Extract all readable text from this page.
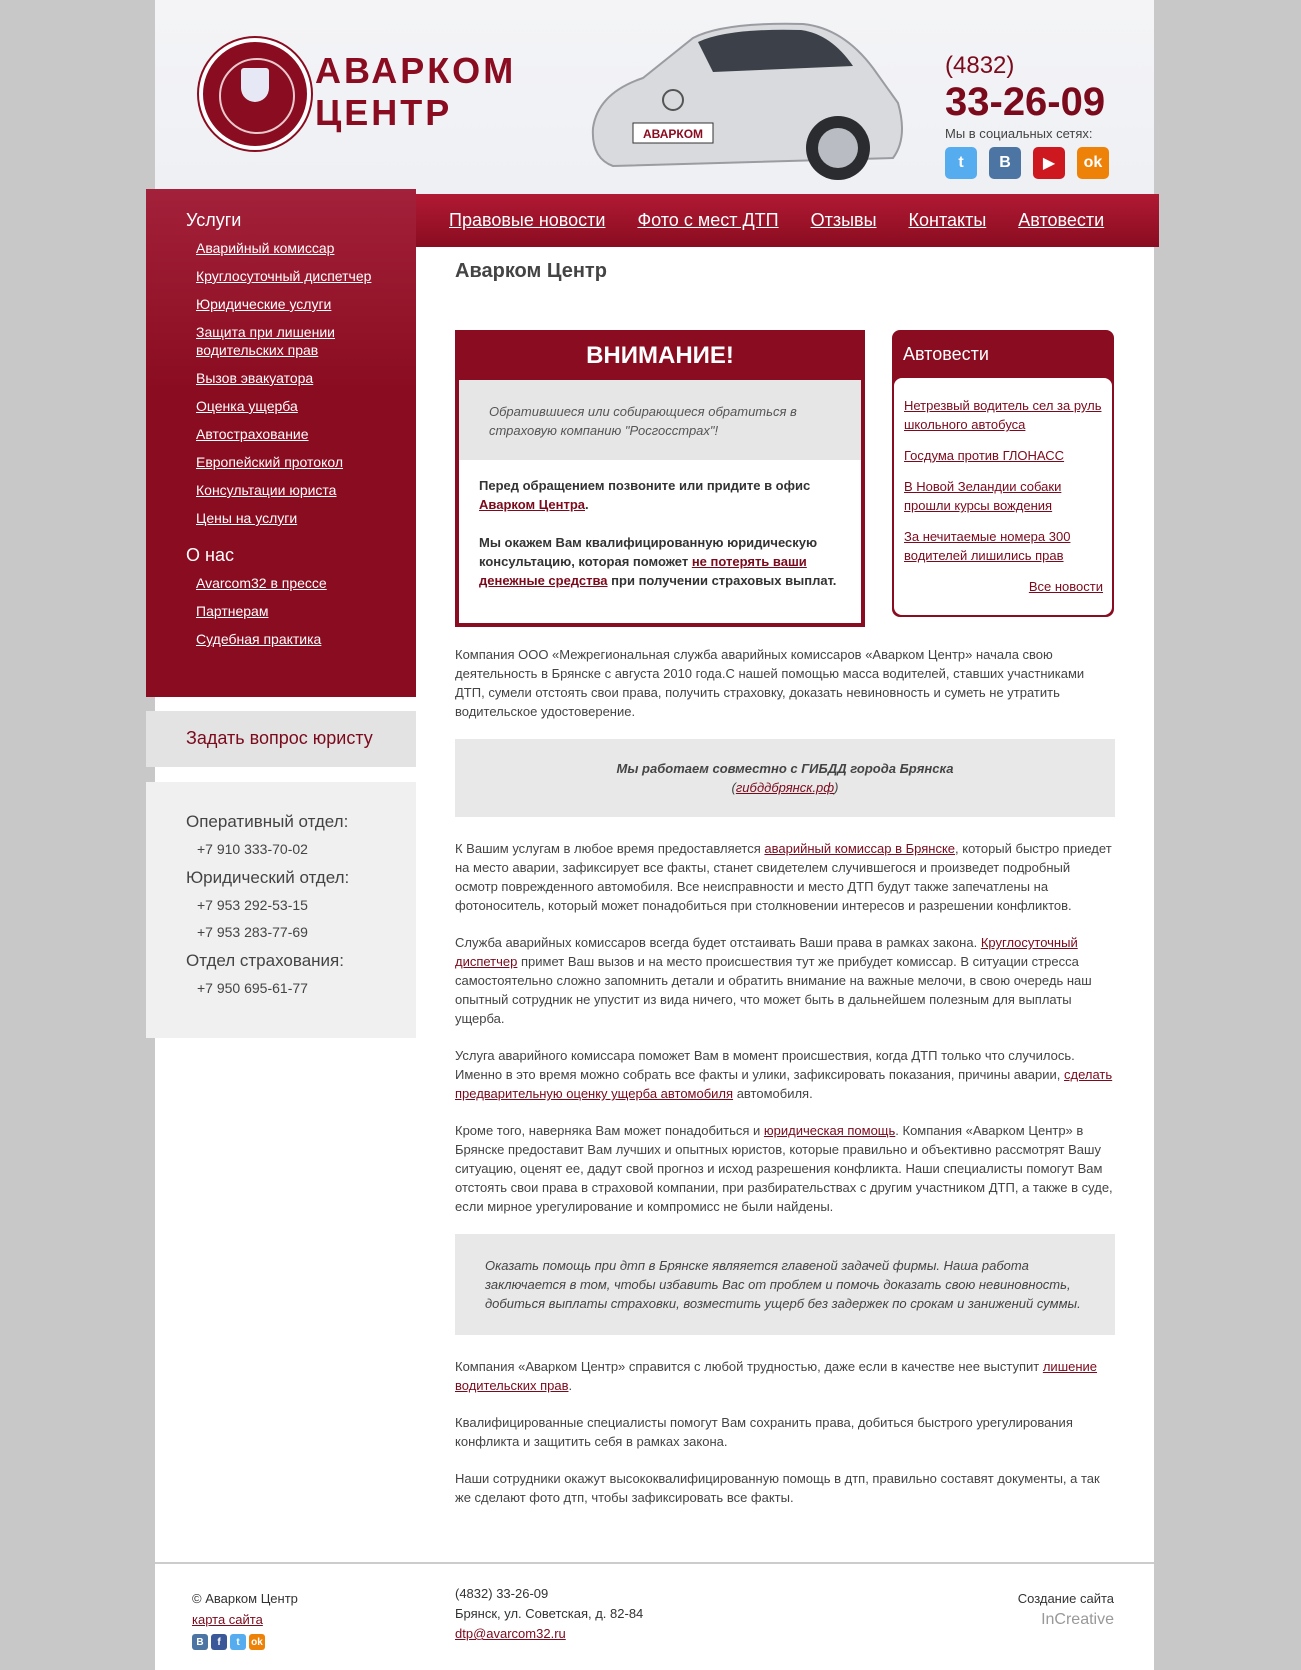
АВАРКОМ
ЦЕНТР
АВАРКОМ
(4832)
33-26-09
Мы в социальных сетях:
t	B	▶	ok
Правовые новости Фото с мест ДТП Отзывы Контакты Автовести
Услуги
Аварийный комиссар
Круглосуточный диспетчер
Юридические услуги
Защита при лишении водительских прав
Вызов эвакуатора
Оценка ущерба
Автострахование
Европейский протокол
Консультации юриста
Цены на услуги
О нас
Avarcom32 в прессе
Партнерам
Судебная практика
Задать вопрос юристу
Оперативный отдел:

+7 910 333-70-02

Юридический отдел:

+7 953 292-53-15

+7 953 283-77-69

Отдел страхования:

+7 950 695-61-77

Аварком Центр
ВНИМАНИЕ!
Обратившиеся или собирающиеся обратиться в страховую компанию "Росгосстрах"!

Перед обращением позвоните или придите в офис Аварком Центра.

Мы окажем Вам квалифицированную юридическую консультацию, которая поможет не потерять ваши денежные средства при получении страховых выплат.

Автовести
Нетрезвый водитель сел за руль школьного автобуса
Госдума против ГЛОНАСС
В Новой Зеландии собаки прошли курсы вождения
За нечитаемые номера 300 водителей лишились прав
Все новости

Компания ООО «Межрегиональная служба аварийных комиссаров «Аварком Центр» начала свою деятельность в Брянске с августа 2010 года.С нашей помощью масса водителей, ставших участниками ДТП, сумели отстоять свои права, получить страховку, доказать невиновность и суметь не утратить водительское удостоверение.

Мы работаем совместно с ГИБДД города Брянска
(гибддбрянск.рф)

К Вашим услугам в любое время предоставляется аварийный комиссар в Брянске, который быстро приедет на место аварии, зафиксирует все факты, станет свидетелем случившегося и произведет подробный осмотр поврежденного автомобиля. Все неисправности и место ДТП будут также запечатлены на фотоноситель, который может понадобиться при столкновении интересов и разрешении конфликтов.

Служба аварийных комиссаров всегда будет отстаивать Ваши права в рамках закона. Круглосуточный диспетчер примет Ваш вызов и на место происшествия тут же прибудет комиссар. В ситуации стресса самостоятельно сложно запомнить детали и обратить внимание на важные мелочи, в свою очередь наш опытный сотрудник не упустит из вида ничего, что может быть в дальнейшем полезным для выплаты ущерба.

Услуга аварийного комиссара поможет Вам в момент происшествия, когда ДТП только что случилось. Именно в это время можно собрать все факты и улики, зафиксировать показания, причины аварии, сделать предварительную оценку ущерба автомобиля автомобиля.

Кроме того, наверняка Вам может понадобиться и юридическая помощь. Компания «Аварком Центр» в Брянске предоставит Вам лучших и опытных юристов, которые правильно и объективно рассмотрят Вашу ситуацию, оценят ее, дадут свой прогноз и исход разрешения конфликта. Наши специалисты помогут Вам отстоять свои права в страховой компании, при разбирательствах с другим участником ДТП, а также в суде, если мирное урегулирование и компромисс не были найдены.

Оказать помощь при дтп в Брянске являяется главеной задачей фирмы. Наша работа заключается в том, чтобы избавить Вас от проблем и помочь доказать свою невиновность, добиться выплаты страховки, возместить ущерб без задержек по срокам и занижений суммы.

Компания «Аварком Центр» справится с любой трудностью, даже если в качестве нее выступит лишение водительских прав.

Квалифицированные специалисты помогут Вам сохранить права, добиться быстрого урегулирования конфликта и защитить себя в рамках закона.

Наши сотрудники окажут высококвалифицированную помощь в дтп, правильно составят документы, а так же сделают фото дтп, чтобы зафиксировать все факты.

© Аварком Центр
карта сайта
B	f	t	ok
(4832) 33-26-09
Брянск, ул. Советская, д. 82-84
dtp@avarcom32.ru
Создание сайта
InCreative
